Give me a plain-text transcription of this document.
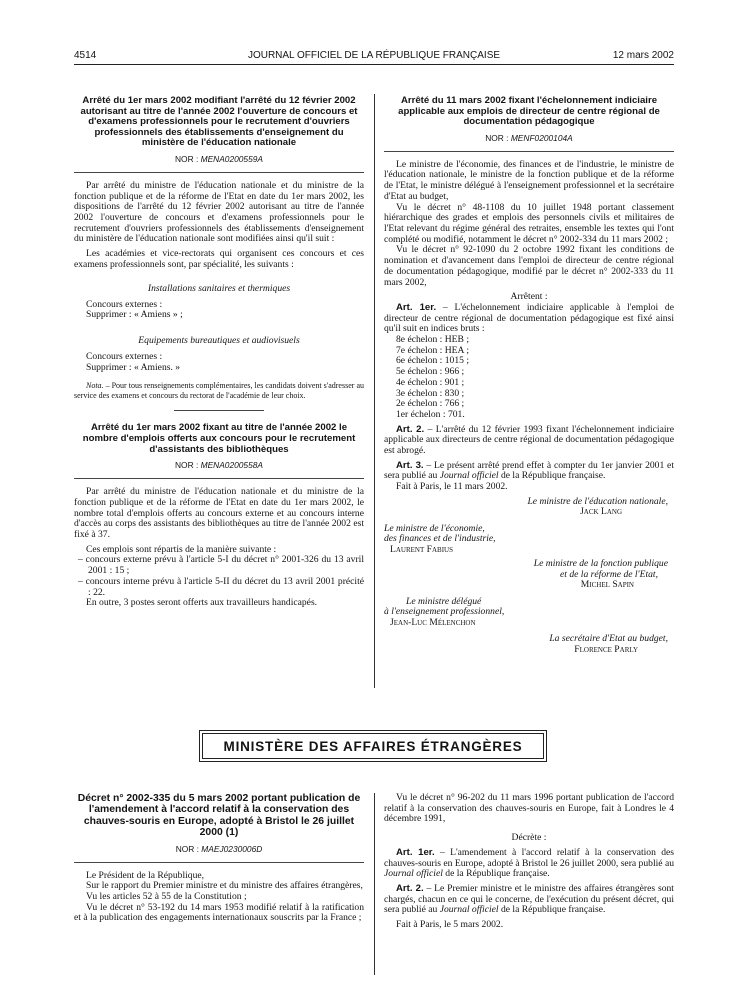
4514	JOURNAL OFFICIEL DE LA RÉPUBLIQUE FRANÇAISE	12 mars 2002
Arrêté du 1er mars 2002 modifiant l'arrêté du 12 février 2002 autorisant au titre de l'année 2002 l'ouverture de concours et d'examens professionnels pour le recrutement d'ouvriers professionnels des établissements d'enseignement du ministère de l'éducation nationale
NOR : MENA0200559A

Par arrêté du ministre de l'éducation nationale et du ministre de la fonction publique et de la réforme de l'Etat en date du 1er mars 2002, les dispositions de l'arrêté du 12 février 2002 autorisant au titre de l'année 2002 l'ouverture de concours et d'examens professionnels pour le recrutement d'ouvriers professionnels des établissements d'enseignement du ministère de l'éducation nationale sont modifiées ainsi qu'il suit :

Les académies et vice-rectorats qui organisent ces concours et ces examens professionnels sont, par spécialité, les suivants :

Installations sanitaires et thermiques

Concours externes :

Supprimer : « Amiens » ;

Equipements bureautiques et audiovisuels

Concours externes :

Supprimer : « Amiens. »

Nota. – Pour tous renseignements complémentaires, les candidats doivent s'adresser au service des examens et concours du rectorat de l'académie de leur choix.

Arrêté du 1er mars 2002 fixant au titre de l'année 2002 le nombre d'emplois offerts aux concours pour le recrutement d'assistants des bibliothèques
NOR : MENA0200558A

Par arrêté du ministre de l'éducation nationale et du ministre de la fonction publique et de la réforme de l'Etat en date du 1er mars 2002, le nombre total d'emplois offerts au concours externe et au concours interne d'accès au corps des assistants des bibliothèques au titre de l'année 2002 est fixé à 37.

Ces emplois sont répartis de la manière suivante :

– concours externe prévu à l'article 5-I du décret n° 2001-326 du 13 avril 2001 : 15 ;
– concours interne prévu à l'article 5-II du décret du 13 avril 2001 précité : 22.

En outre, 3 postes seront offerts aux travailleurs handicapés.

Arrêté du 11 mars 2002 fixant l'échelonnement indiciaire applicable aux emplois de directeur de centre régional de documentation pédagogique
NOR : MENF0200104A

Le ministre de l'économie, des finances et de l'industrie, le ministre de l'éducation nationale, le ministre de la fonction publique et de la réforme de l'Etat, le ministre délégué à l'enseignement professionnel et la secrétaire d'Etat au budget,

Vu le décret n° 48-1108 du 10 juillet 1948 portant classement hiérarchique des grades et emplois des personnels civils et militaires de l'Etat relevant du régime général des retraites, ensemble les textes qui l'ont complété ou modifié, notamment le décret n° 2002-334 du 11 mars 2002 ;

Vu le décret n° 92-1090 du 2 octobre 1992 fixant les conditions de nomination et d'avancement dans l'emploi de directeur de centre régional de documentation pédagogique, modifié par le décret n° 2002-333 du 11 mars 2002,

Arrêtent :

Art. 1er. – L'échelonnement indiciaire applicable à l'emploi de directeur de centre régional de documentation pédagogique est fixé ainsi qu'il suit en indices bruts :

8e échelon : HEB ;
7e échelon : HEA ;
6e échelon : 1015 ;
5e échelon : 966 ;
4e échelon : 901 ;
3e échelon : 830 ;
2e échelon : 766 ;
1er échelon : 701.

Art. 2. – L'arrêté du 12 février 1993 fixant l'échelonnement indiciaire applicable aux directeurs de centre régional de documentation pédagogique est abrogé.

Art. 3. – Le présent arrêté prend effet à compter du 1er janvier 2001 et sera publié au Journal officiel de la République française.

Fait à Paris, le 11 mars 2002.

Le ministre de l'éducation nationale,
Jack Lang
Le ministre de l'économie,
des finances et de l'industrie,
Laurent Fabius
Le ministre de la fonction publique
et de la réforme de l'Etat,
Michel Sapin
Le ministre délégué
à l'enseignement professionnel,
Jean-Luc Mélenchon
La secrétaire d'Etat au budget,
Florence Parly
MINISTÈRE DES AFFAIRES ÉTRANGÈRES
Décret n° 2002-335 du 5 mars 2002 portant publication de l'amendement à l'accord relatif à la conservation des chauves-souris en Europe, adopté à Bristol le 26 juillet 2000 (1)
NOR : MAEJ0230006D

Le Président de la République,

Sur le rapport du Premier ministre et du ministre des affaires étrangères,

Vu les articles 52 à 55 de la Constitution ;

Vu le décret n° 53-192 du 14 mars 1953 modifié relatif à la ratification et à la publication des engagements internationaux souscrits par la France ;

Vu le décret n° 96-202 du 11 mars 1996 portant publication de l'accord relatif à la conservation des chauves-souris en Europe, fait à Londres le 4 décembre 1991,

Décrète :

Art. 1er. – L'amendement à l'accord relatif à la conservation des chauves-souris en Europe, adopté à Bristol le 26 juillet 2000, sera publié au Journal officiel de la République française.

Art. 2. – Le Premier ministre et le ministre des affaires étrangères sont chargés, chacun en ce qui le concerne, de l'exécution du présent décret, qui sera publié au Journal officiel de la République française.

Fait à Paris, le 5 mars 2002.
